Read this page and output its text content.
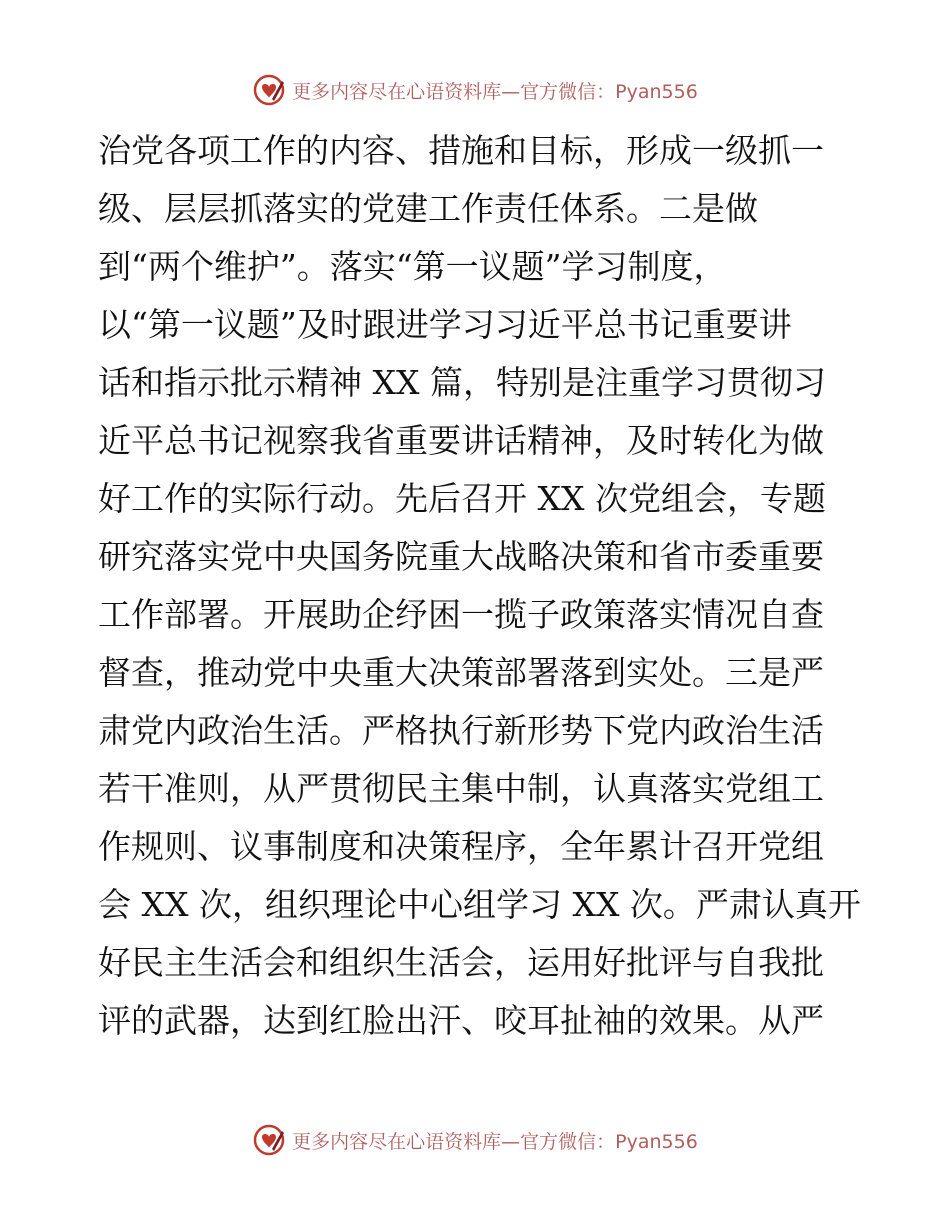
更多内容尽在心语资料库—官方微信：Pyan556
治党各项工作的内容、措施和目标，形成一级抓一
级、层层抓落实的党建工作责任体系。二是做
到“两个维护”。落实“第一议题”学习制度，
以“第一议题”及时跟进学习习近平总书记重要讲
话和指示批示精神 XX 篇，特别是注重学习贯彻习
近平总书记视察我省重要讲话精神，及时转化为做
好工作的实际行动。先后召开 XX 次党组会，专题
研究落实党中央国务院重大战略决策和省市委重要
工作部署。开展助企纾困一揽子政策落实情况自查
督查，推动党中央重大决策部署落到实处。三是严
肃党内政治生活。严格执行新形势下党内政治生活
若干准则，从严贯彻民主集中制，认真落实党组工
作规则、议事制度和决策程序，全年累计召开党组
会 XX 次，组织理论中心组学习 XX 次。严肃认真开
好民主生活会和组织生活会，运用好批评与自我批
评的武器，达到红脸出汗、咬耳扯袖的效果。从严
更多内容尽在心语资料库—官方微信：Pyan556
